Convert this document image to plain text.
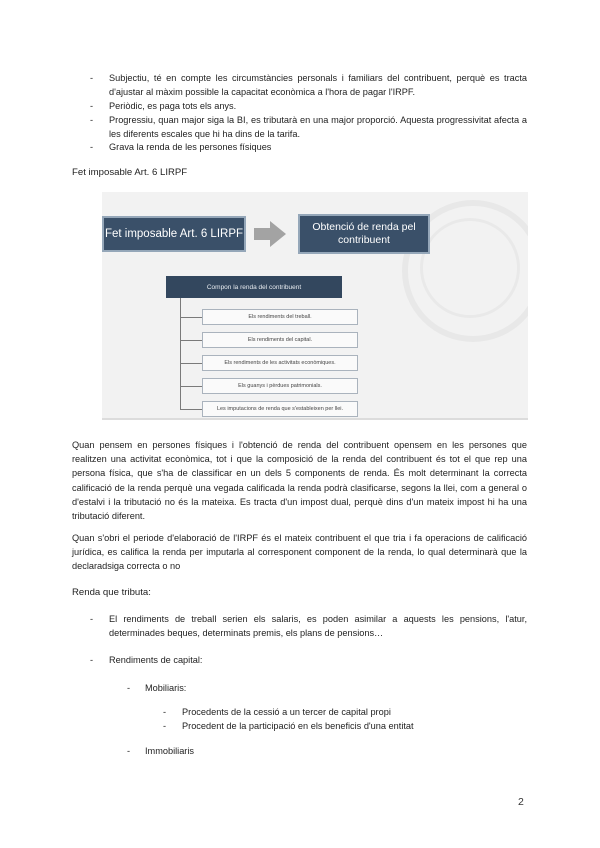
- Subjectiu, té en compte les circumstàncies personals i familiars del contribuent, perquè es tracta d'ajustar al màxim possible la capacitat econòmica a l'hora de pagar l'IRPF.
- Periòdic, es paga tots els anys.
- Progressiu, quan major siga la BI, es tributarà en una major proporció. Aquesta progressivitat afecta a les diferents escales que hi ha dins de la tarifa.
- Grava la renda de les persones físiques
Fet imposable Art. 6 LIRPF
Fet imposable Art. 6 LIRPF
Obtenció de renda pel contribuent
Compon la renda del contribuent
Els rendiments del treball.
Els rendiments del capital.
Els rendiments de les activitats econòmiques.
Els guanys i pèrdues patrimonials.
Les imputacions de renda que s'estableixen per llei.
Quan pensem en persones físiques i l'obtenció de renda del contribuent opensem en les persones que realitzen una activitat econòmica, tot i que la composició de la renda del contribuent és tot el que rep una persona física, que s'ha de classificar en un dels 5 components de renda. És molt determinant la correcta calificació de la renda perquè una vegada calificada la renda podrà clasificarse, segons la llei, com a general o d'estalvi i la tributació no és la mateixa. Es tracta d'un impost dual, perquè dins d'un mateix impost hi ha una tributació diferent.
Quan s'obri el periode d'elaboració de l'IRPF és el mateix contribuent el que tria i fa operacions de calificació jurídica, es califica la renda per imputarla al corresponent component de la renda, lo qual determinarà que la declaradsiga correcta o no
Renda que tributa:
- El rendiments de treball serien els salaris, es poden asimilar a aquests les pensions, l'atur, determinades beques, determinats premis, els plans de pensions…
- Rendiments de capital:
- Mobiliaris:
- Procedents de la cessió a un tercer de capital propi
- Procedent de la participació en els beneficis d'una entitat
- Immobiliaris
2
